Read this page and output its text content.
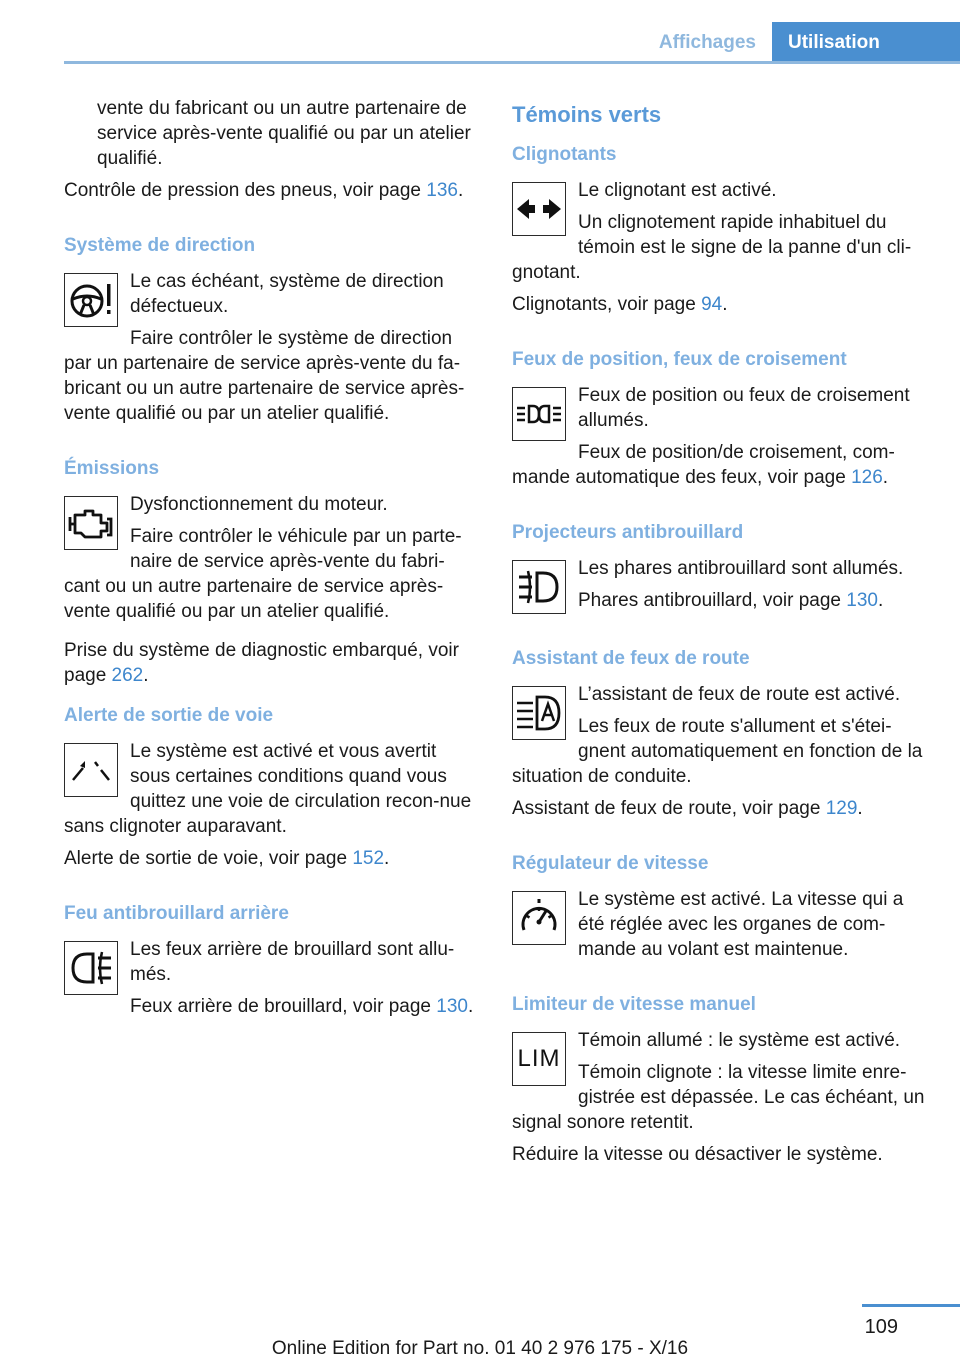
Affichages	Utilisation

vente du fabricant ou un autre partenaire de service après-vente qualifié ou par un atelier qualifié.

Contrôle de pression des pneus, voir page 136.

Système de direction

Le cas échéant, système de direction défectueux.

Faire contrôler le système de direction par un partenaire de service après-vente du fa-bricant ou un autre partenaire de service après-vente qualifié ou par un atelier qualifié.

Émissions

Dysfonctionnement du moteur.

Faire contrôler le véhicule par un parte-naire de service après-vente du fabri-cant ou un autre partenaire de service après-vente qualifié ou par un atelier qualifié.

Prise du système de diagnostic embarqué, voir page 262.

Alerte de sortie de voie

Le système est activé et vous avertit sous certaines conditions quand vous quittez une voie de circulation recon-nue sans clignoter auparavant.

Alerte de sortie de voie, voir page 152.

Feu antibrouillard arrière

Les feux arrière de brouillard sont allu-més.

Feux arrière de brouillard, voir page 130.

Témoins verts
Clignotants

Le clignotant est activé.

Un clignotement rapide inhabituel du témoin est le signe de la panne d'un cli-gnotant.

Clignotants, voir page 94.

Feux de position, feux de croisement

Feux de position ou feux de croisement allumés.

Feux de position/de croisement, com-mande automatique des feux, voir page 126.

Projecteurs antibrouillard

Les phares antibrouillard sont allumés.

Phares antibrouillard, voir page 130.

Assistant de feux de route

L’assistant de feux de route est activé.

Les feux de route s'allument et s'étei-gnent automatiquement en fonction de la situation de conduite.

Assistant de feux de route, voir page 129.

Régulateur de vitesse

Le système est activé. La vitesse qui a été réglée avec les organes de com-mande au volant est maintenue.

Limiteur de vitesse manuel
LIM

Témoin allumé : le système est activé.

Témoin clignote : la vitesse limite enre-gistrée est dépassée. Le cas échéant, un signal sonore retentit.

Réduire la vitesse ou désactiver le système.

109
Online Edition for Part no. 01 40 2 976 175 - X/16
